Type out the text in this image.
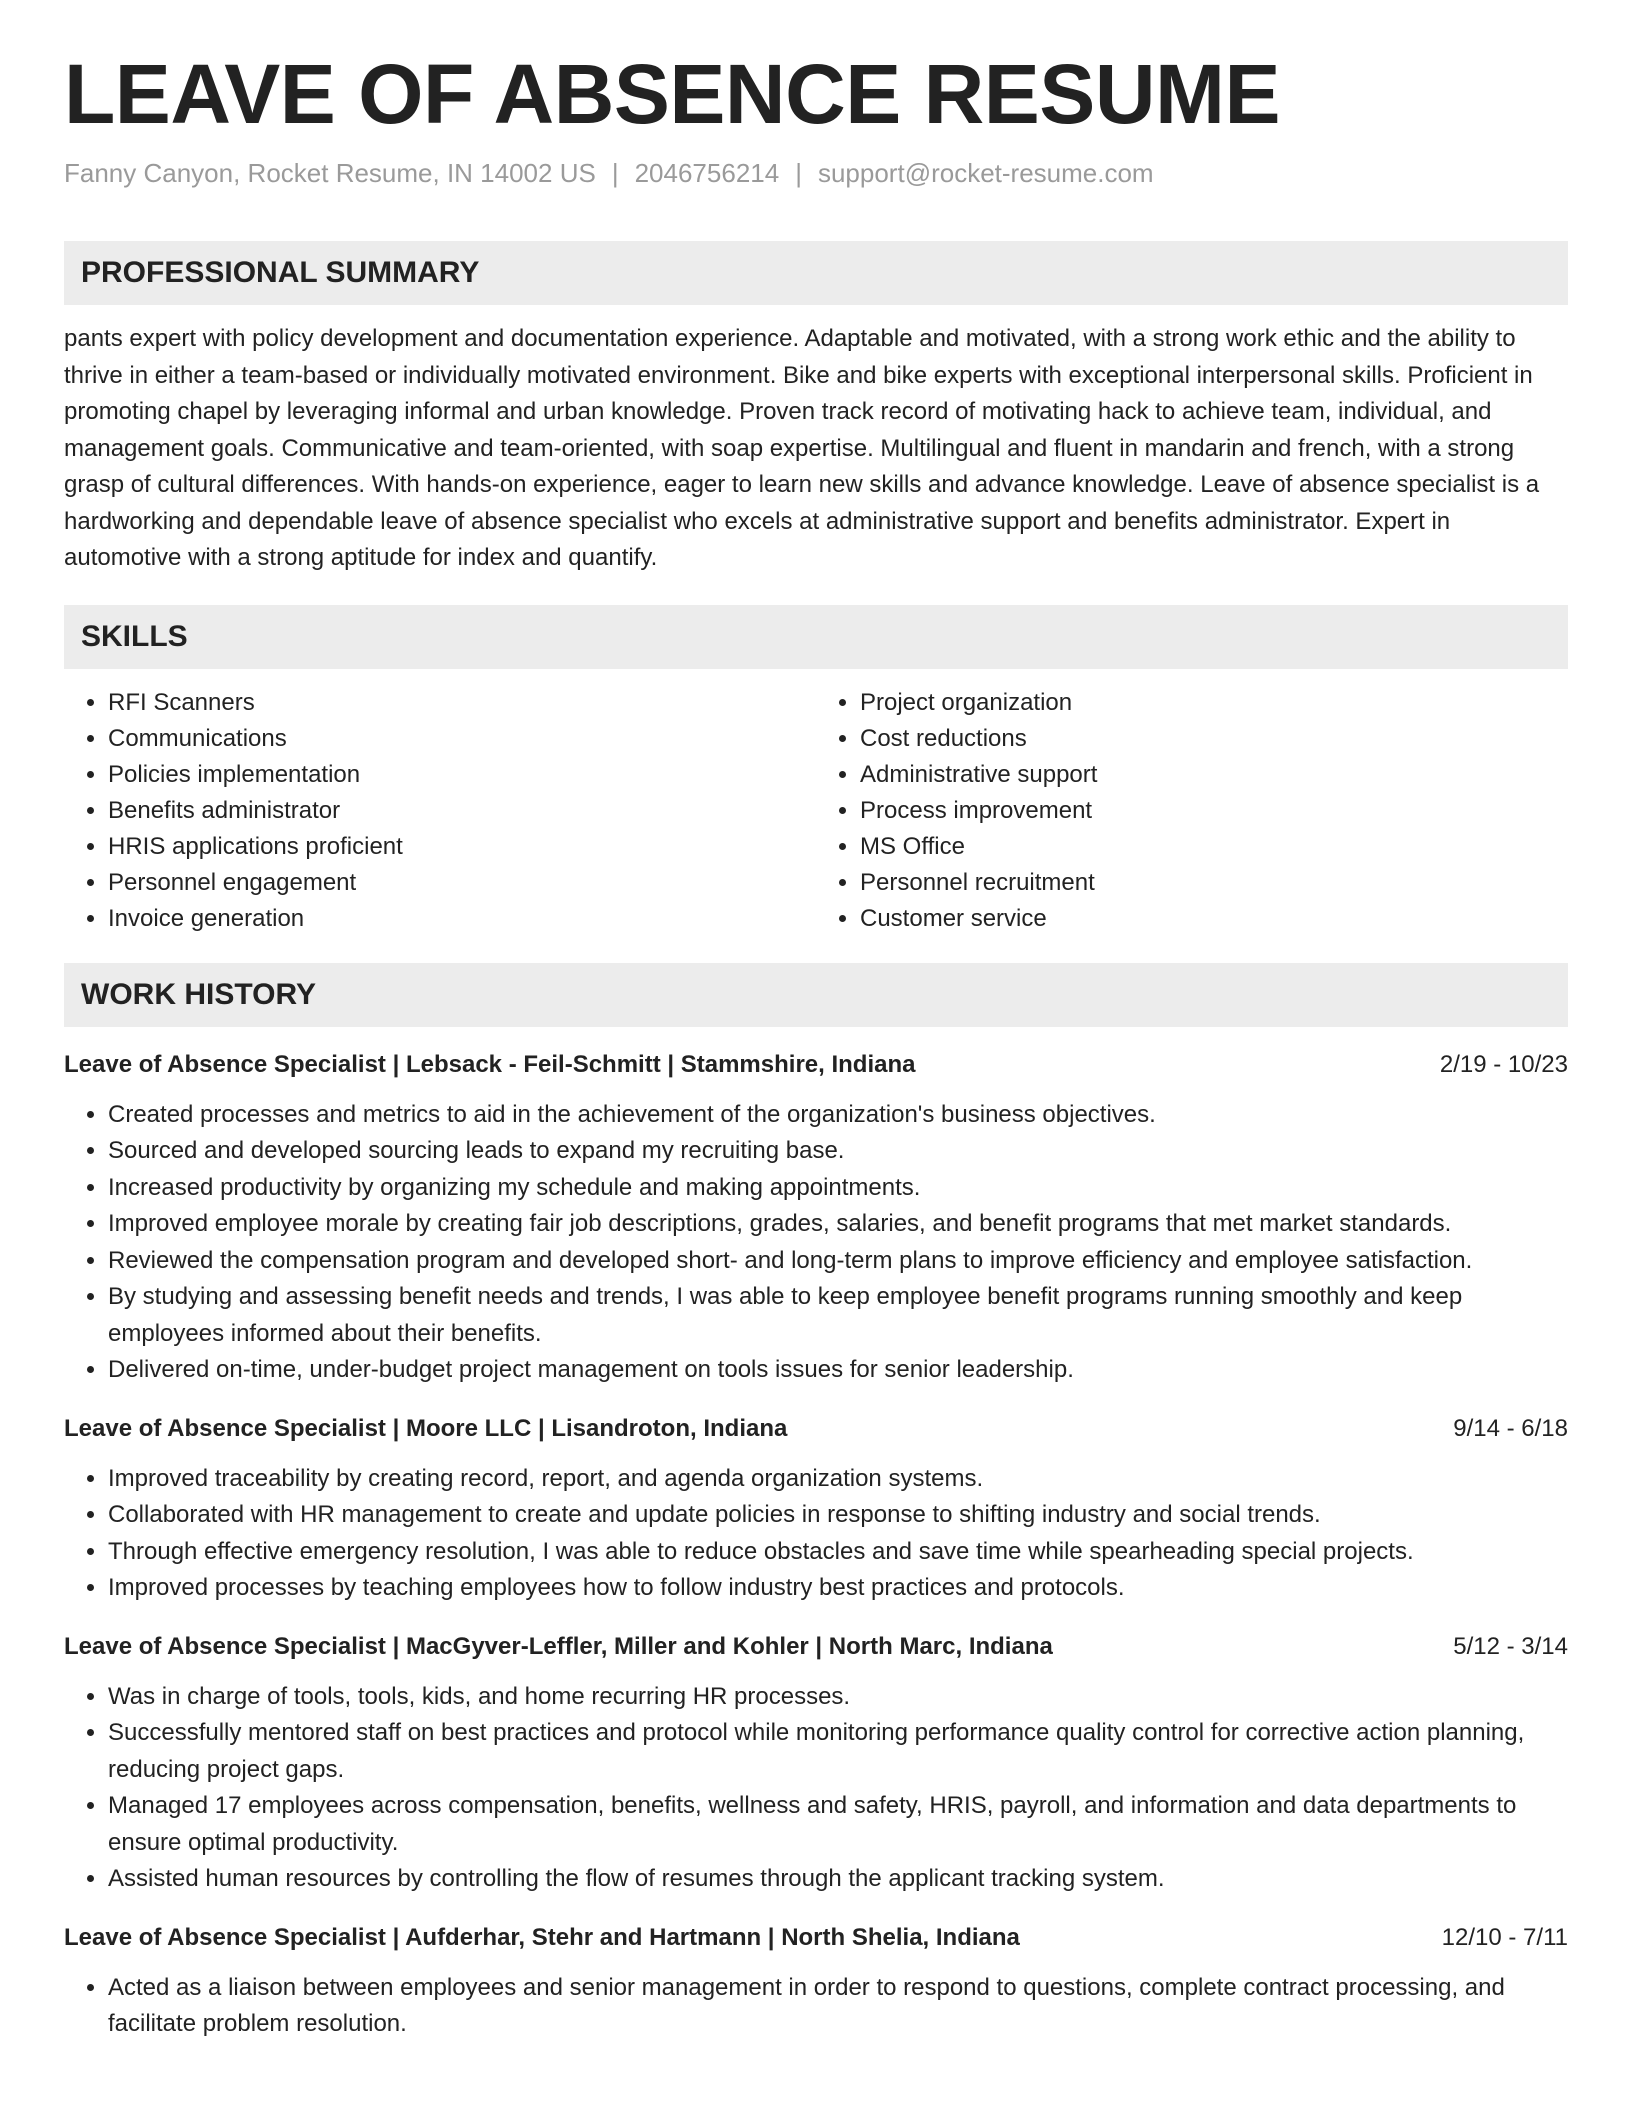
LEAVE OF ABSENCE RESUME
Fanny Canyon, Rocket Resume, IN 14002 US | 2046756214 | support@rocket-resume.com
PROFESSIONAL SUMMARY
pants expert with policy development and documentation experience. Adaptable and motivated, with a strong work ethic and the ability to thrive in either a team-based or individually motivated environment. Bike and bike experts with exceptional interpersonal skills. Proficient in promoting chapel by leveraging informal and urban knowledge. Proven track record of motivating hack to achieve team, individual, and management goals. Communicative and team-oriented, with soap expertise. Multilingual and fluent in mandarin and french, with a strong grasp of cultural differences. With hands-on experience, eager to learn new skills and advance knowledge. Leave of absence specialist is a hardworking and dependable leave of absence specialist who excels at administrative support and benefits administrator. Expert in automotive with a strong aptitude for index and quantify.
SKILLS
• RFI Scanners
• Communications
• Policies implementation
• Benefits administrator
• HRIS applications proficient
• Personnel engagement
• Invoice generation
• Project organization
• Cost reductions
• Administrative support
• Process improvement
• MS Office
• Personnel recruitment
• Customer service
WORK HISTORY
Leave of Absence Specialist | Lebsack - Feil-Schmitt | Stammshire, Indiana	2/19 - 10/23
• Created processes and metrics to aid in the achievement of the organization's business objectives.
• Sourced and developed sourcing leads to expand my recruiting base.
• Increased productivity by organizing my schedule and making appointments.
• Improved employee morale by creating fair job descriptions, grades, salaries, and benefit programs that met market standards.
• Reviewed the compensation program and developed short- and long-term plans to improve efficiency and employee satisfaction.
• By studying and assessing benefit needs and trends, I was able to keep employee benefit programs running smoothly and keep employees informed about their benefits.
• Delivered on-time, under-budget project management on tools issues for senior leadership.
Leave of Absence Specialist | Moore LLC | Lisandroton, Indiana	9/14 - 6/18
• Improved traceability by creating record, report, and agenda organization systems.
• Collaborated with HR management to create and update policies in response to shifting industry and social trends.
• Through effective emergency resolution, I was able to reduce obstacles and save time while spearheading special projects.
• Improved processes by teaching employees how to follow industry best practices and protocols.
Leave of Absence Specialist | MacGyver-Leffler, Miller and Kohler | North Marc, Indiana	5/12 - 3/14
• Was in charge of tools, tools, kids, and home recurring HR processes.
• Successfully mentored staff on best practices and protocol while monitoring performance quality control for corrective action planning, reducing project gaps.
• Managed 17 employees across compensation, benefits, wellness and safety, HRIS, payroll, and information and data departments to ensure optimal productivity.
• Assisted human resources by controlling the flow of resumes through the applicant tracking system.
Leave of Absence Specialist | Aufderhar, Stehr and Hartmann | North Shelia, Indiana	12/10 - 7/11
• Acted as a liaison between employees and senior management in order to respond to questions, complete contract processing, and facilitate problem resolution.
